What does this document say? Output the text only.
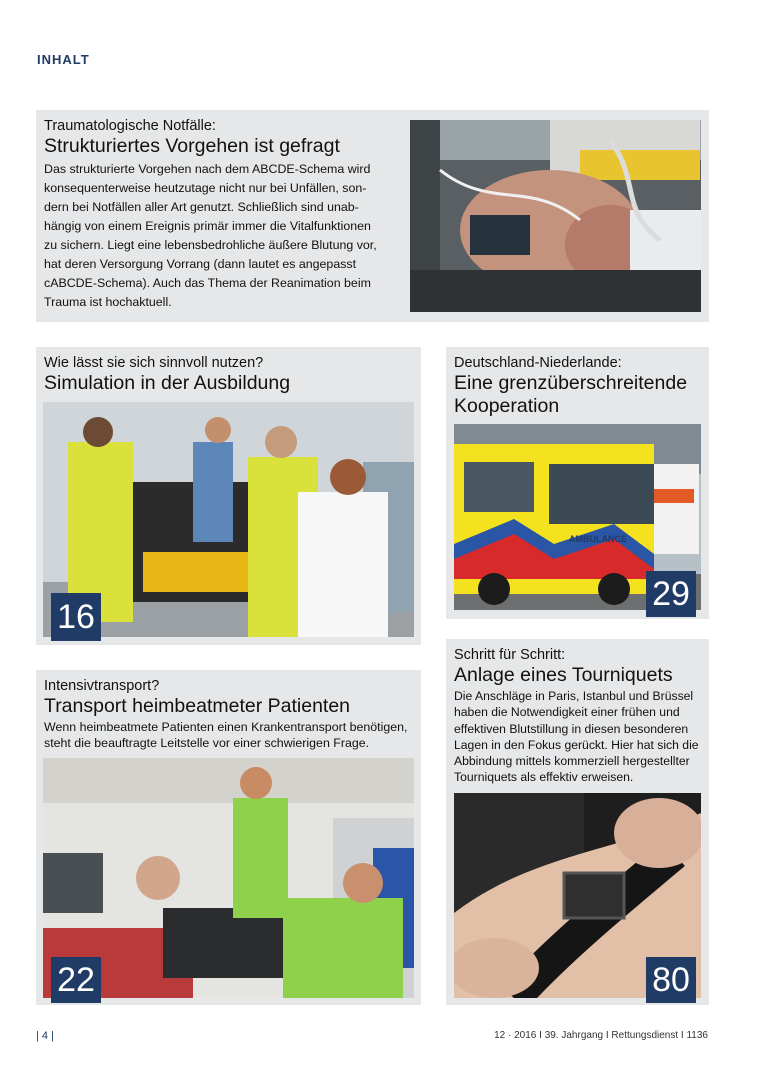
INHALT

Traumatologische Notfälle:

Strukturiertes Vorgehen ist gefragt

Das strukturierte Vorgehen nach dem ABCDE-Schema wird

konsequenterweise heutzutage nicht nur bei Unfällen, son-

dern bei Notfällen aller Art genutzt. Schließlich sind unab-

hängig von einem Ereignis primär immer die Vitalfunktionen

zu sichern. Liegt eine lebensbedrohliche äußere Blutung vor,

hat deren Versorgung Vorrang (dann lautet es angepasst

cABCDE-Schema). Auch das Thema der Reanimation beim

Trauma ist hochaktuell.

Wie lässt sie sich sinnvoll nutzen?

Simulation in der Ausbildung

16

Deutschland-Niederlande:

Eine grenzüberschreitende

Kooperation

AMBULANCE
29

Intensivtransport?

Transport heimbeatmeter Patienten

Wenn heimbeatmete Patienten einen Krankentransport benötigen,

steht die beauftragte Leitstelle vor einer schwierigen Frage.

22

Schritt für Schritt:

Anlage eines Tourniquets

Die Anschläge in Paris, Istanbul und Brüssel

haben die Notwendigkeit einer frühen und

effektiven Blutstillung in diesen besonderen

Lagen in den Fokus gerückt. Hier hat sich die

Abbindung mittels kommerziell hergestellter

Tourniquets als effektiv erweisen.

80
| 4 |	12 · 2016 I 39. Jahrgang I Rettungsdienst I 1136
